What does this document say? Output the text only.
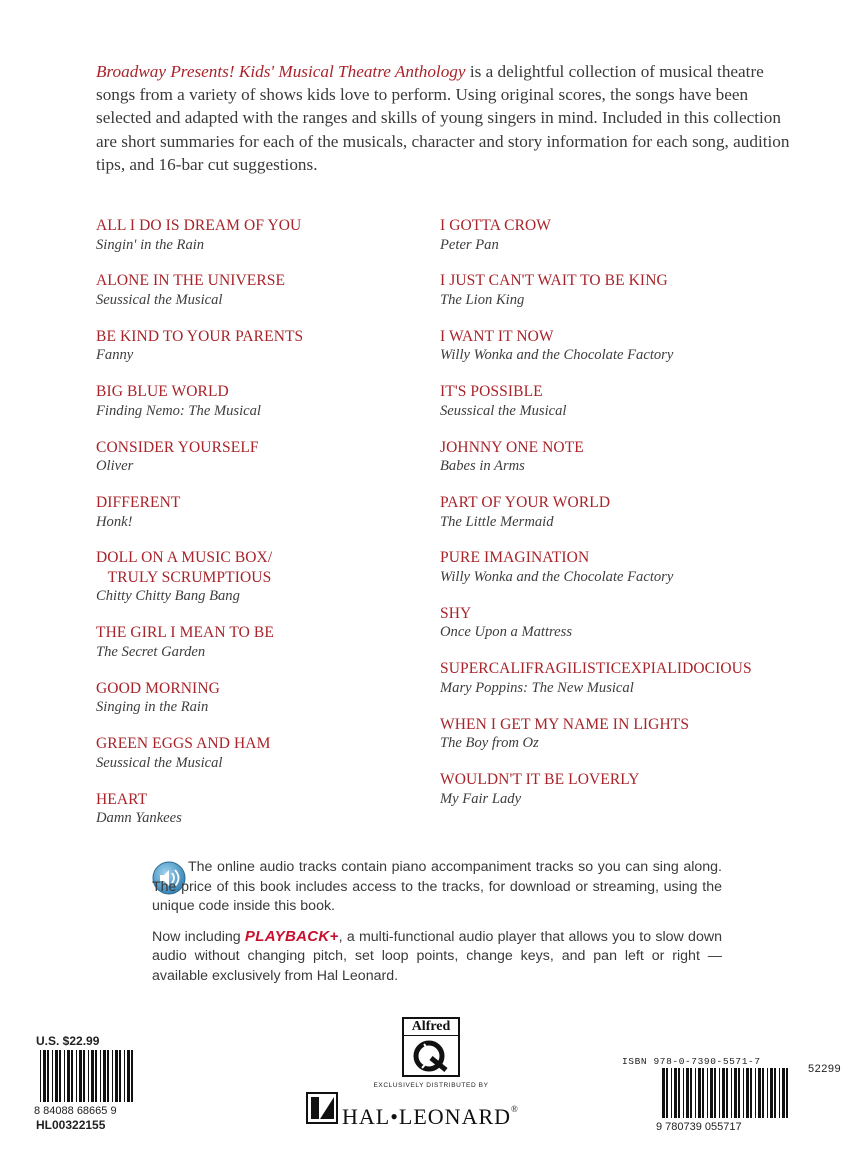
Broadway Presents! Kids' Musical Theatre Anthology is a delightful collection of musical theatre songs from a variety of shows kids love to perform. Using original scores, the songs have been selected and adapted with the ranges and skills of young singers in mind. Included in this collection are short summaries for each of the musicals, character and story information for each song, audition tips, and 16-bar cut suggestions.
ALL I DO IS DREAM OF YOU
Singin' in the Rain
ALONE IN THE UNIVERSE
Seussical the Musical
BE KIND TO YOUR PARENTS
Fanny
BIG BLUE WORLD
Finding Nemo: The Musical
CONSIDER YOURSELF
Oliver
DIFFERENT
Honk!
DOLL ON A MUSIC BOX/
TRULY SCRUMPTIOUS
Chitty Chitty Bang Bang
THE GIRL I MEAN TO BE
The Secret Garden
GOOD MORNING
Singing in the Rain
GREEN EGGS AND HAM
Seussical the Musical
HEART
Damn Yankees
I GOTTA CROW
Peter Pan
I JUST CAN'T WAIT TO BE KING
The Lion King
I WANT IT NOW
Willy Wonka and the Chocolate Factory
IT'S POSSIBLE
Seussical the Musical
JOHNNY ONE NOTE
Babes in Arms
PART OF YOUR WORLD
The Little Mermaid
PURE IMAGINATION
Willy Wonka and the Chocolate Factory
SHY
Once Upon a Mattress
SUPERCALIFRAGILISTICEXPIALIDOCIOUS
Mary Poppins: The New Musical
WHEN I GET MY NAME IN LIGHTS
The Boy from Oz
WOULDN'T IT BE LOVERLY
My Fair Lady
The online audio tracks contain piano accompaniment tracks so you can sing along. The price of this book includes access to the tracks, for download or streaming, using the unique code inside this book.
Now including PLAYBACK+, a multi-functional audio player that allows you to slow down audio without changing pitch, set loop points, change keys, and pan left or right — available exclusively from Hal Leonard.
U.S. $22.99
8 84088 68665 9
HL00322155
Alfred
EXCLUSIVELY DISTRIBUTED BY
HAL•LEONARD®
ISBN 978-0-7390-5571-7
9 780739 055717
52299
